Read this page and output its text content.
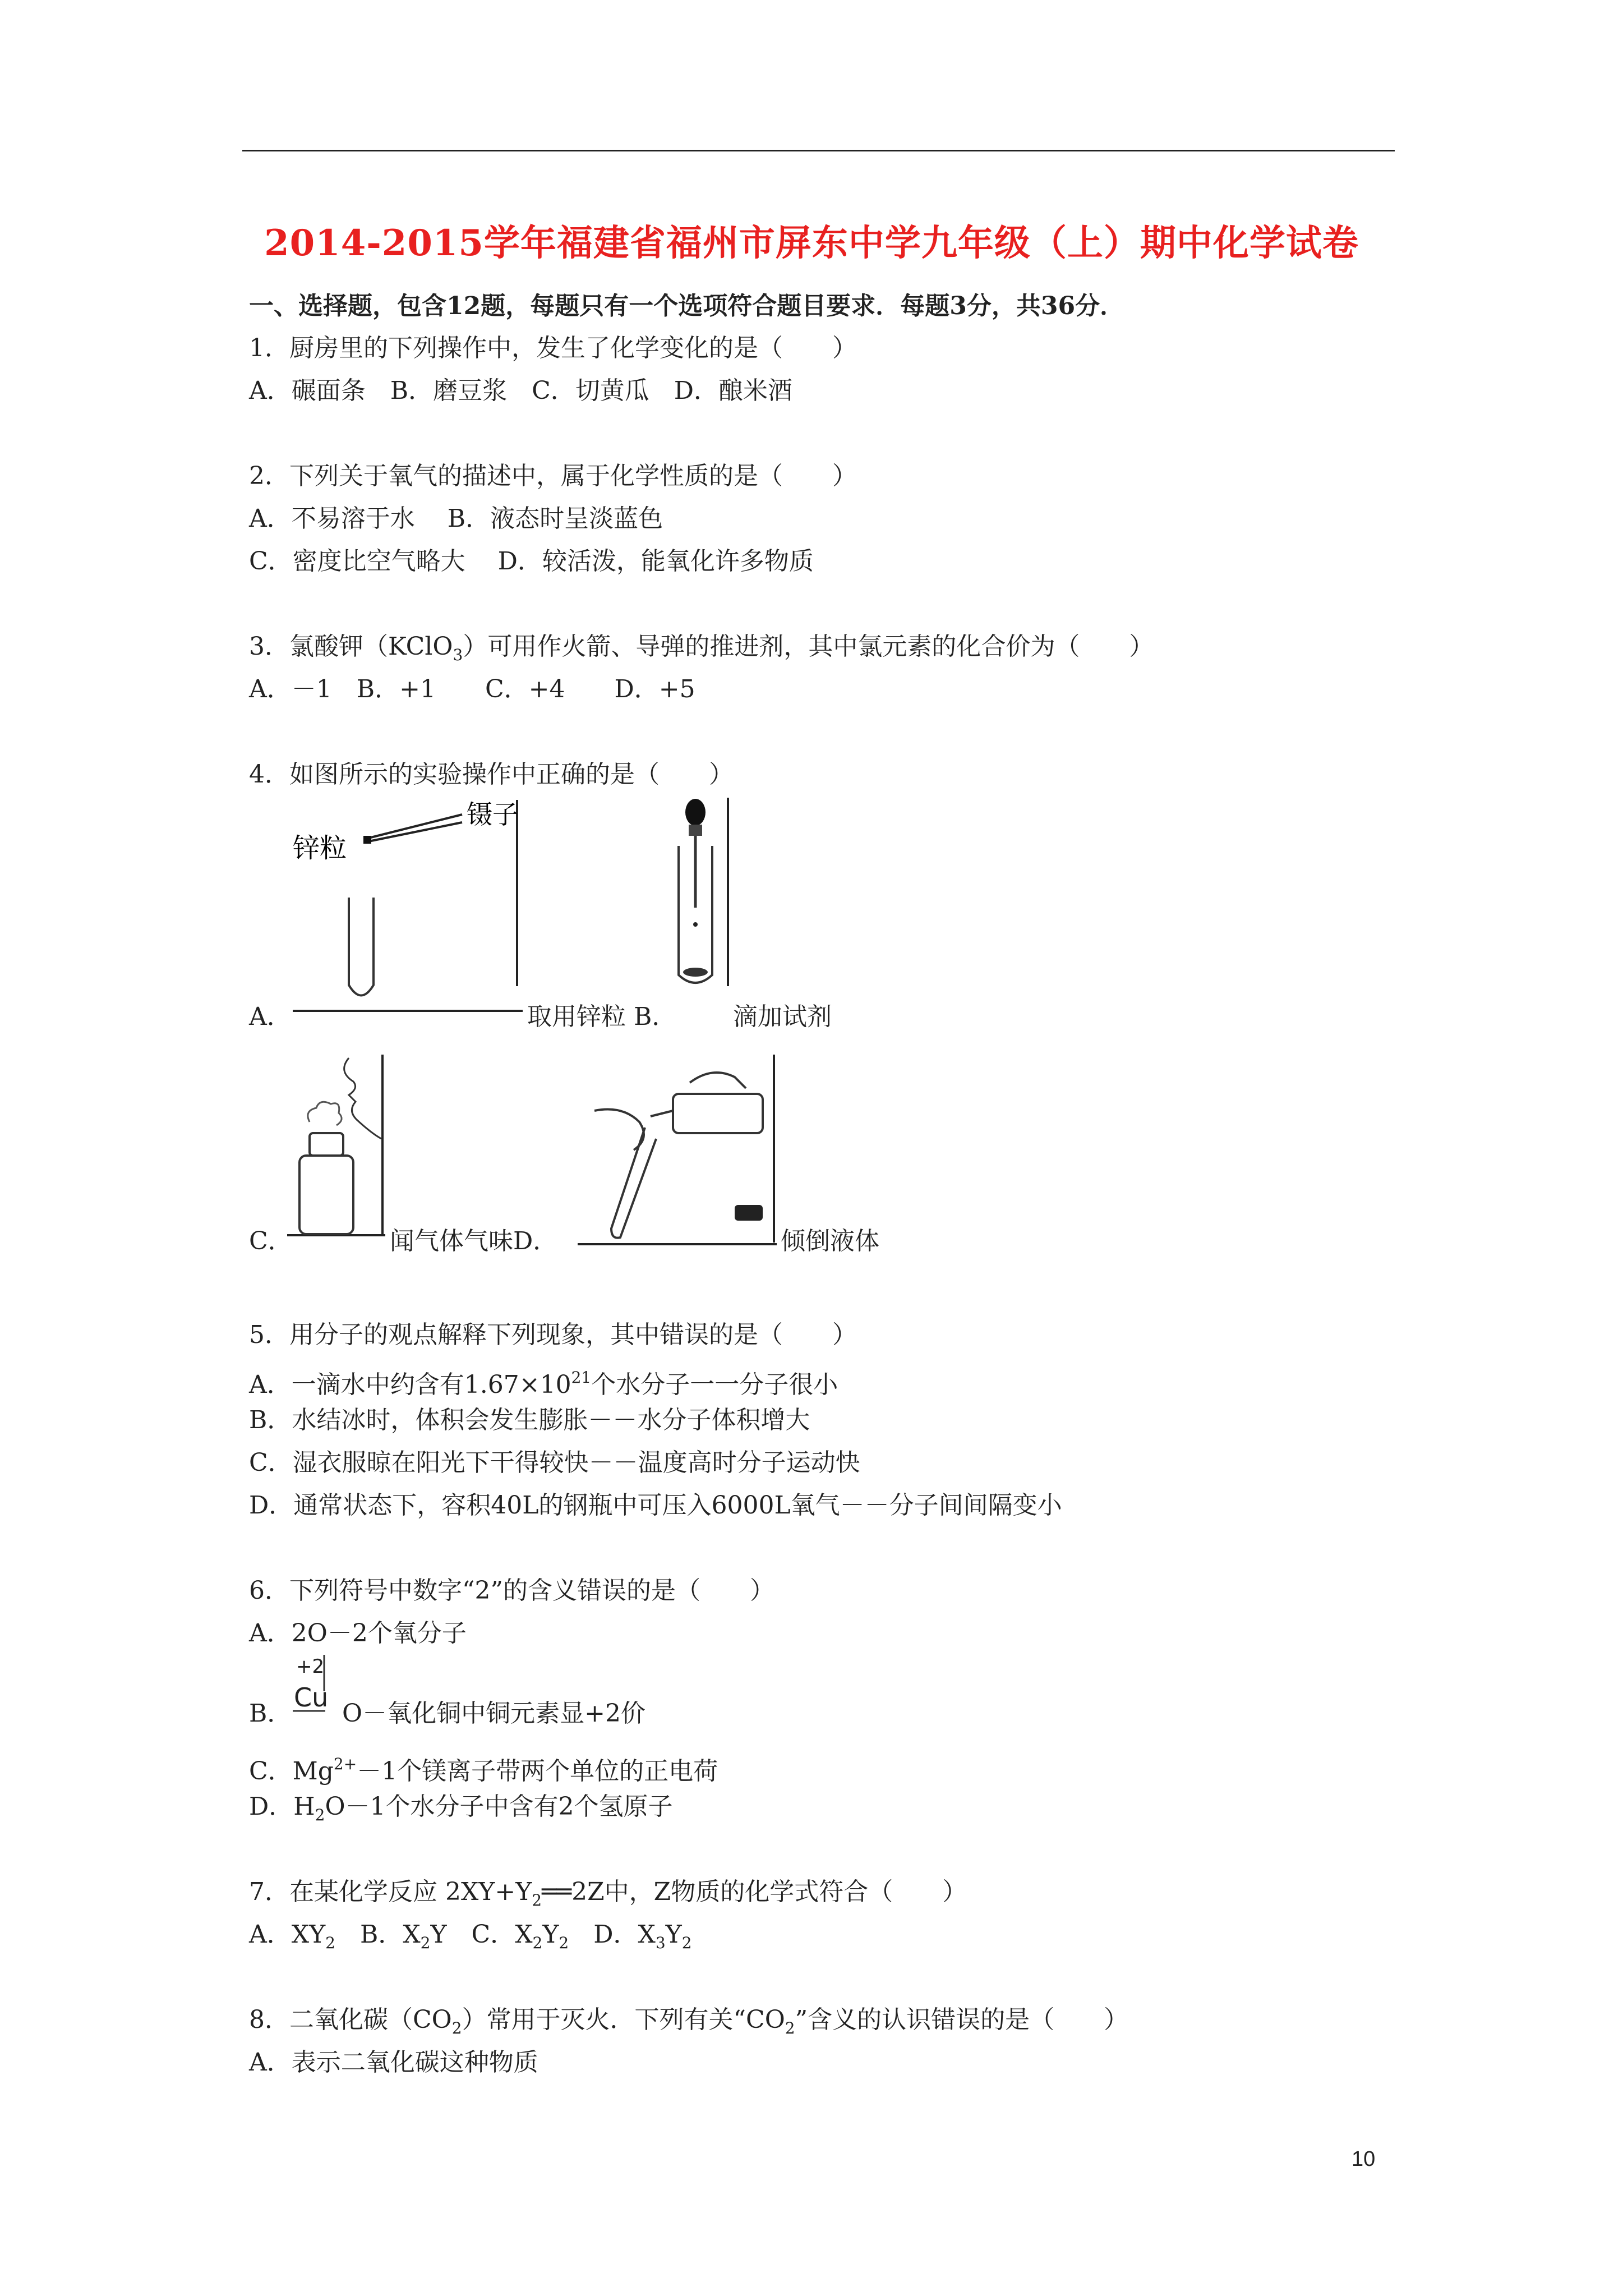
2014-2015学年福建省福州市屏东中学九年级（上）期中化学试卷
一、选择题，包含12题，每题只有一个选项符合题目要求．每题3分，共36分．
1．厨房里的下列操作中，发生了化学变化的是（　　）
A．碾面条　B．磨豆浆　C．切黄瓜　D．酿米酒
2．下列关于氧气的描述中，属于化学性质的是（　　）
A．不易溶于水　 B．液态时呈淡蓝色
C．密度比空气略大　 D．较活泼，能氧化许多物质
3．氯酸钾（KClO$_3$）可用作火箭、导弹的推进剂，其中氯元素的化合价为（　　）
A．－1　B．+1　　C．+4　　D．+5
4．如图所示的实验操作中正确的是（　　）
锌粒
镊子
A．	取用锌粒 B． 滴加试剂
C．	闻气体气味D．	倾倒液体
5．用分子的观点解释下列现象，其中错误的是（　　）
A．一滴水中约含有$1.67\times 10^{21}$个水分子一一分子很小
B．水结冰时，体积会发生膨胀－－水分子体积增大
C．湿衣服晾在阳光下干得较快－－温度高时分子运动快
D．通常状态下，容积40L的钢瓶中可压入6000L氧气－－分子间间隔变小
6．下列符号中数字“2”的含义错误的是（　　）
A．2O－2个氧分子
B．
+2
Cu
O－氧化铜中铜元素显+2价
C．$Mg^{2+}-1$个镁离子带两个单位的正电荷
D．$H_2O-1$个水分子中含有2个氢原子
7．在某化学反应 $2XY+Y_2══2Z$中，Z物质的化学式符合（　　）
A．$XY_2$　 B．$X_2Y$　 C．$X_2Y_2$　 D．$X_3Y_2$
8．二氧化碳$(CO_2)$常用于灭火．下列有关“$CO_2$”含义的认识错误的是（　　）
A．表示二氧化碳这种物质
10
